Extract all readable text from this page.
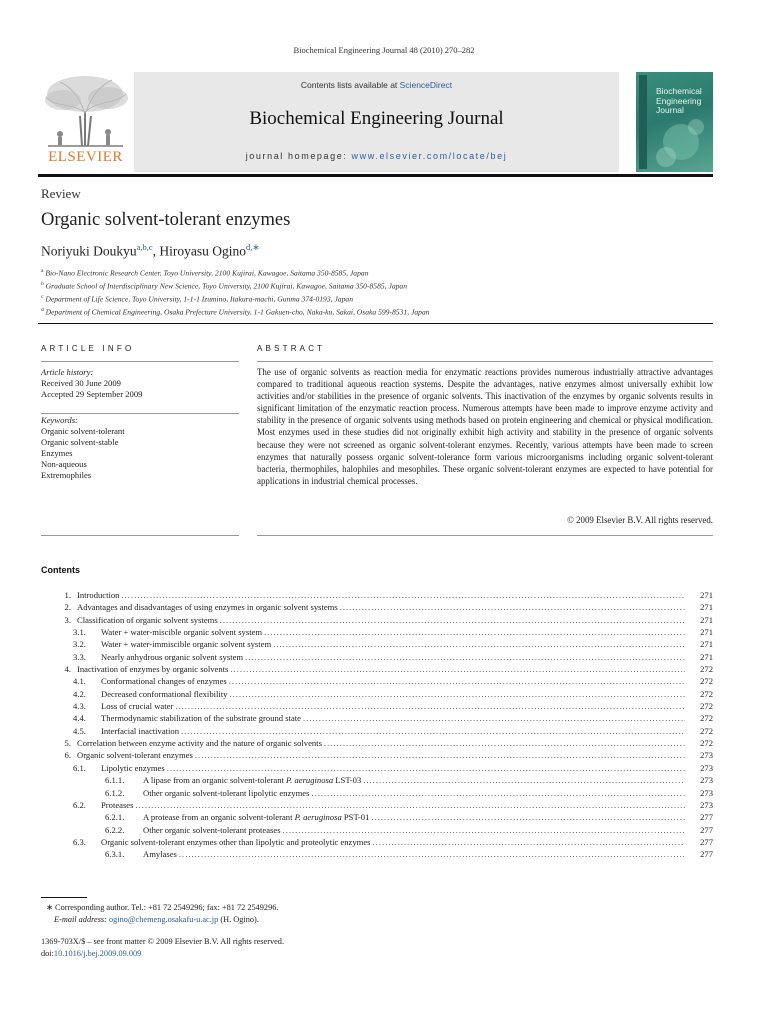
Biochemical Engineering Journal 48 (2010) 270–282
ELSEVIER
Contents lists available at ScienceDirect
Biochemical Engineering Journal
journal homepage: www.elsevier.com/locate/bej
Biochemical Engineering Journal
Review
Organic solvent-tolerant enzymes
Noriyuki Doukyu$^{a,b,c}$, Hiroyasu Ogino$^{d,∗}$
$^a$ Bio-Nano Electronic Research Center, Toyo University, 2100 Kujirai, Kawagoe, Saitama 350-8585, Japan
$^b$ Graduate School of Interdisciplinary New Science, Toyo University, 2100 Kujirai, Kawagoe, Saitama 350-8585, Japan
$^c$ Department of Life Science, Toyo University, 1-1-1 Izumino, Itakura-machi, Gunma 374-0193, Japan
$^d$ Department of Chemical Engineering, Osaka Prefecture University, 1-1 Gakuen-cho, Naka-ku, Sakai, Osaka 599-8531, Japan
ARTICLE INFO	ABSTRACT
Article history:
Received 30 June 2009
Accepted 29 September 2009
Keywords:
Organic solvent-tolerant
Organic solvent-stable
Enzymes
Non-aqueous
Extremophiles
The use of organic solvents as reaction media for enzymatic reactions provides numerous industrially attractive advantages compared to traditional aqueous reaction systems. Despite the advantages, native enzymes almost universally exhibit low activities and/or stabilities in the presence of organic solvents. This inactivation of the enzymes by organic solvents results in significant limitation of the enzymatic reaction process. Numerous attempts have been made to improve enzyme activity and stability in the presence of organic solvents using methods based on protein engineering and chemical or physical modification. Most enzymes used in these studies did not originally exhibit high activity and stability in the presence of organic solvents because they were not screened as organic solvent-tolerant enzymes. Recently, various attempts have been made to screen enzymes that naturally possess organic solvent-tolerance form various microorganisms including organic solvent-tolerant bacteria, thermophiles, halophiles and mesophiles. These organic solvent-tolerant enzymes are expected to have potential for applications in industrial chemical processes.
© 2009 Elsevier B.V. All rights reserved.
Contents
1. Introduction .....	271
2. Advantages and disadvantages of using enzymes in organic solvent systems .....	271
3. Classification of organic solvent systems .....	271
3.1.	Water + water-miscible organic solvent system .....	271
3.2.	Water + water-immiscible organic solvent system .....	271
3.3.	Nearly anhydrous organic solvent system .....	271
4. Inactivation of enzymes by organic solvents .....	272
4.1.	Conformational changes of enzymes .....	272
4.2.	Decreased conformational flexibility .....	272
4.3.	Loss of crucial water .....	272
4.4.	Thermodynamic stabilization of the substrate ground state .....	272
4.5.	Interfacial inactivation .....	272
5. Correlation between enzyme activity and the nature of organic solvents .....	272
6. Organic solvent-tolerant enzymes .....	273
6.1.	Lipolytic enzymes .....	273
6.1.1.	A lipase from an organic solvent-tolerant P. aeruginosa LST-03 .....	273
6.1.2.	Other organic solvent-tolerant lipolytic enzymes .....	273
6.2.	Proteases .....	273
6.2.1.	A protease from an organic solvent-tolerant P. aeruginosa PST-01 .....	277
6.2.2.	Other organic solvent-tolerant proteases .....	277
6.3.	Organic solvent-tolerant enzymes other than lipolytic and proteolytic enzymes .....	277
6.3.1.	Amylases .....	277
∗ Corresponding author. Tel.: +81 72 2549296; fax: +81 72 2549296.
E-mail address: ogino@chemeng.osakafu-u.ac.jp (H. Ogino).
1369-703X/$ – see front matter © 2009 Elsevier B.V. All rights reserved.
doi:10.1016/j.bej.2009.09.009
